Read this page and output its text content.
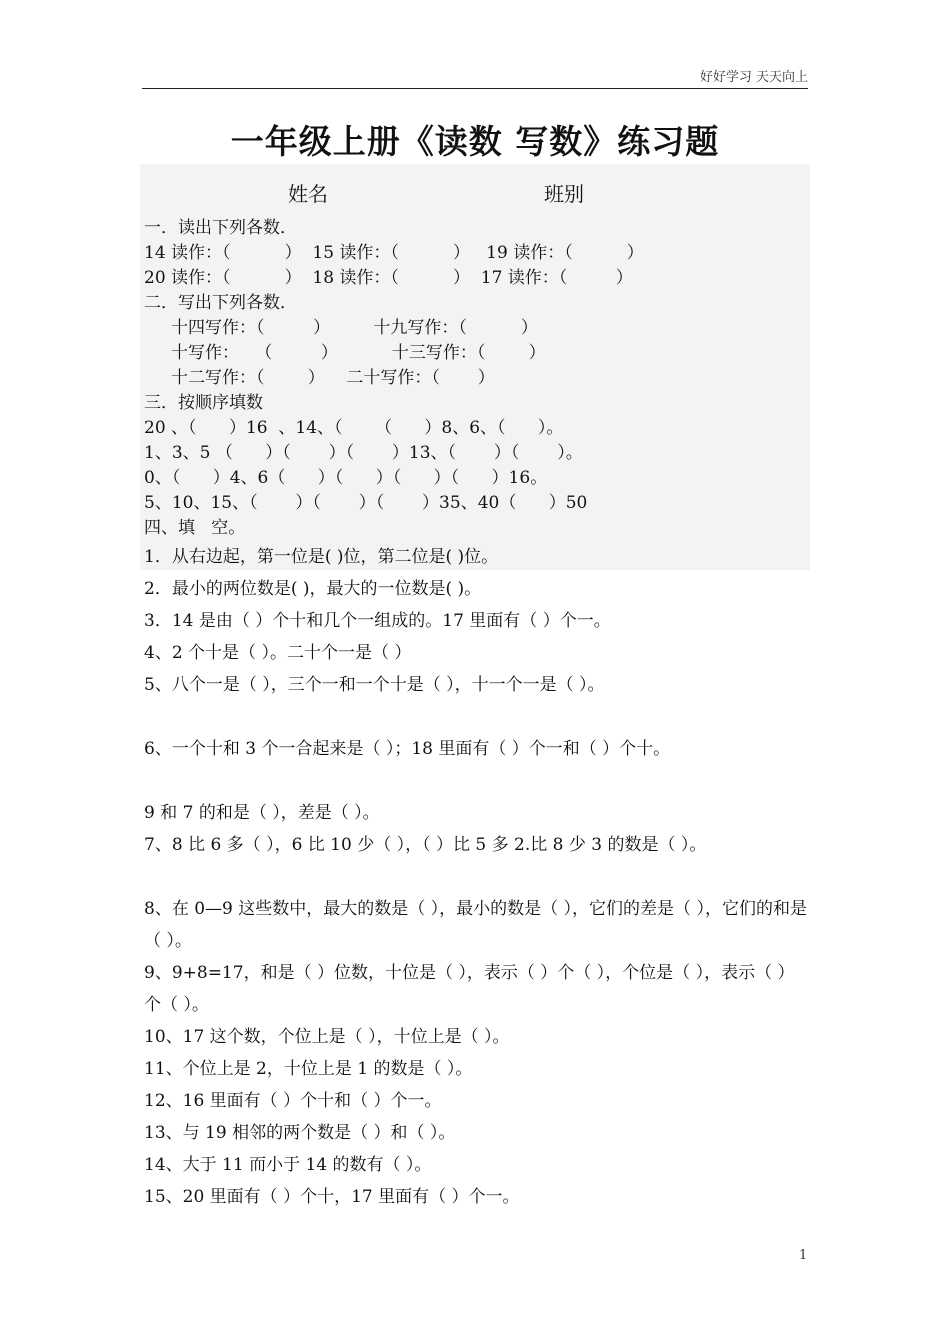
好好学习 天天向上
一年级上册《读数 写数》练习题
姓名	班别
一．读出下列各数．
14 读作：（          ）  15 读作：（          ）   19 读作：（          ）
20 读作：（          ）  18 读作：（          ）  17 读作：（         ）
二．写出下列各数．
十四写作：（         ）        十九写作：（          ）
十写作：   （         ）          十三写作：（        ）
十二写作：（        ）    二十写作：（       ）
三．按顺序填数
20 、（      ）16  、14、（      （      ）8、6、（      ）。
1、3、5 （      ）（       ）（       ）13、（       ）（       ）。
0、（      ）4、6（      ）（      ）（      ）（      ）16。
5、10、15、（       ）（       ）（       ）35、40（      ）50
四、填   空。
1．从右边起，第一位是( )位，第二位是( )位。
2．最小的两位数是( )，最大的一位数是( )。
3．14 是由（ ）个十和几个一组成的。17 里面有（ ）个一。
4、2 个十是（ ）。二十个一是（ ）
5、八个一是（ ），三个一和一个十是（ ），十一个一是（ ）。
6、一个十和 3 个一合起来是（ ）；18 里面有（ ）个一和（ ）个十。
9 和 7 的和是（ ），差是（ ）。
7、8 比 6 多（ ），6 比 10 少（ ），（ ）比 5 多 2.比 8 少 3 的数是（ ）。
8、在 0—9 这些数中，最大的数是（ ），最小的数是（ ），它们的差是（ ），它们的和是（ ）。
9、9+8=17，和是（ ）位数，十位是（ ），表示（ ）个（ ），个位是（ ），表示（ ）个（ ）。
10、17 这个数，个位上是（ ），十位上是（ ）。
11、个位上是 2，十位上是 1 的数是（ ）。
12、16 里面有（ ）个十和（ ）个一。
13、与 19 相邻的两个数是（ ）和（ ）。
14、大于 11 而小于 14 的数有（ ）。
15、20 里面有（ ）个十，17 里面有（ ）个一。
1
